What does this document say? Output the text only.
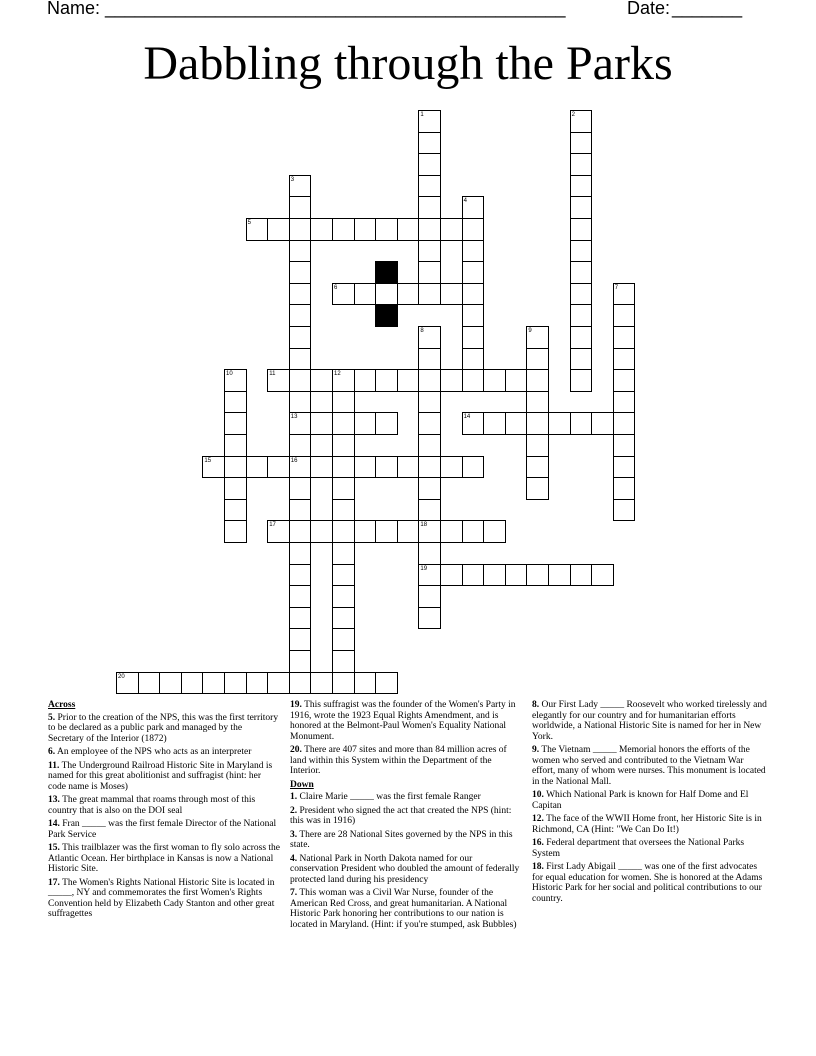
Name: ______________________________________________	Date: _______
Dabbling through the Parks
1	2
3
4
5
6	7
8	9
10	11	12
13	14
15	16
17	18
19
20
Across
5. Prior to the creation of the NPS, this was the first territory to be declared as a public park and managed by the Secretary of the Interior (1872)
6. An employee of the NPS who acts as an interpreter
11. The Underground Railroad Historic Site in Maryland is named for this great abolitionist and suffragist (hint: her code name is Moses)
13. The great mammal that roams through most of this country that is also on the DOI seal
14. Fran _____ was the first female Director of the National Park Service
15. This trailblazer was the first woman to fly solo across the Atlantic Ocean. Her birthplace in Kansas is now a National Historic Site.
17. The Women's Rights National Historic Site is located in _____, NY and commemorates the first Women's Rights Convention held by Elizabeth Cady Stanton and other great suffragettes
19. This suffragist was the founder of the Women's Party in 1916, wrote the 1923 Equal Rights Amendment, and is honored at the Belmont-Paul Women's Equality National Monument.
20. There are 407 sites and more than 84 million acres of land within this System within the Department of the Interior.
Down
1. Claire Marie _____ was the first female Ranger
2. President who signed the act that created the NPS (hint: this was in 1916)
3. There are 28 National Sites governed by the NPS in this state.
4. National Park in North Dakota named for our conservation President who doubled the amount of federally protected land during his presidency
7. This woman was a Civil War Nurse, founder of the American Red Cross, and great humanitarian. A National Historic Park honoring her contributions to our nation is located in Maryland. (Hint: if you're stumped, ask Bubbles)
8. Our First Lady _____ Roosevelt who worked tirelessly and elegantly for our country and for humanitarian efforts worldwide, a National Historic Site is named for her in New York.
9. The Vietnam _____ Memorial honors the efforts of the women who served and contributed to the Vietnam War effort, many of whom were nurses. This monument is located in the National Mall.
10. Which National Park is known for Half Dome and El Capitan
12. The face of the WWII Home front, her Historic Site is in Richmond, CA (Hint: "We Can Do It!)
16. Federal department that oversees the National Parks System
18. First Lady Abigail _____ was one of the first advocates for equal education for women. She is honored at the Adams Historic Park for her social and political contributions to our country.
